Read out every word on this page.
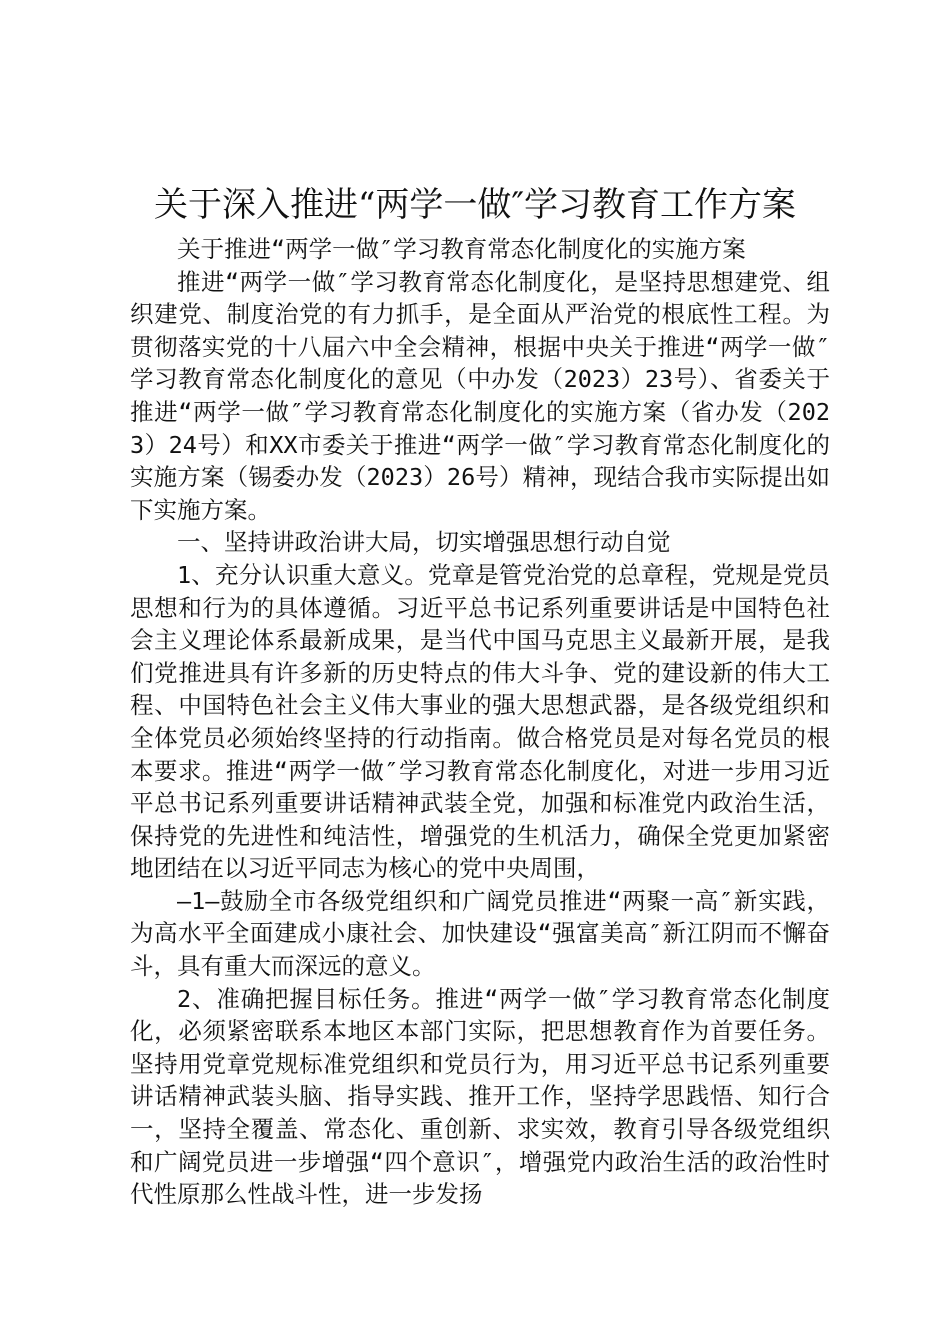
关于深入推进“两学一做″学习教育工作方案

关于推进“两学一做″学习教育常态化制度化的实施方案

推进“两学一做″学习教育常态化制度化，是坚持思想建党、组织建党、制度治党的有力抓手，是全面从严治党的根底性工程。为贯彻落实党的十八届六中全会精神，根据中央关于推进“两学一做″学习教育常态化制度化的意见（中办发（2023）23号）、省委关于推进“两学一做″学习教育常态化制度化的实施方案（省办发（2023）24号）和XX市委关于推进“两学一做″学习教育常态化制度化的实施方案（锡委办发（2023）26号）精神，现结合我市实际提出如下实施方案。

一、坚持讲政治讲大局，切实增强思想行动自觉

1、充分认识重大意义。党章是管党治党的总章程，党规是党员思想和行为的具体遵循。习近平总书记系列重要讲话是中国特色社会主义理论体系最新成果，是当代中国马克思主义最新开展，是我们党推进具有许多新的历史特点的伟大斗争、党的建设新的伟大工程、中国特色社会主义伟大事业的强大思想武器，是各级党组织和全体党员必须始终坚持的行动指南。做合格党员是对每名党员的根本要求。推进“两学一做″学习教育常态化制度化，对进一步用习近平总书记系列重要讲话精神武装全党，加强和标准党内政治生活，保持党的先进性和纯洁性，增强党的生机活力，确保全党更加紧密地团结在以习近平同志为核心的党中央周围，

—1—鼓励全市各级党组织和广阔党员推进“两聚一高″新实践，为高水平全面建成小康社会、加快建设“强富美高″新江阴而不懈奋斗，具有重大而深远的意义。

2、准确把握目标任务。推进“两学一做″学习教育常态化制度化，必须紧密联系本地区本部门实际，把思想教育作为首要任务。坚持用党章党规标准党组织和党员行为，用习近平总书记系列重要讲话精神武装头脑、指导实践、推开工作，坚持学思践悟、知行合一，坚持全覆盖、常态化、重创新、求实效，教育引导各级党组织和广阔党员进一步增强“四个意识″，增强党内政治生活的政治性时代性原那么性战斗性，进一步发扬
